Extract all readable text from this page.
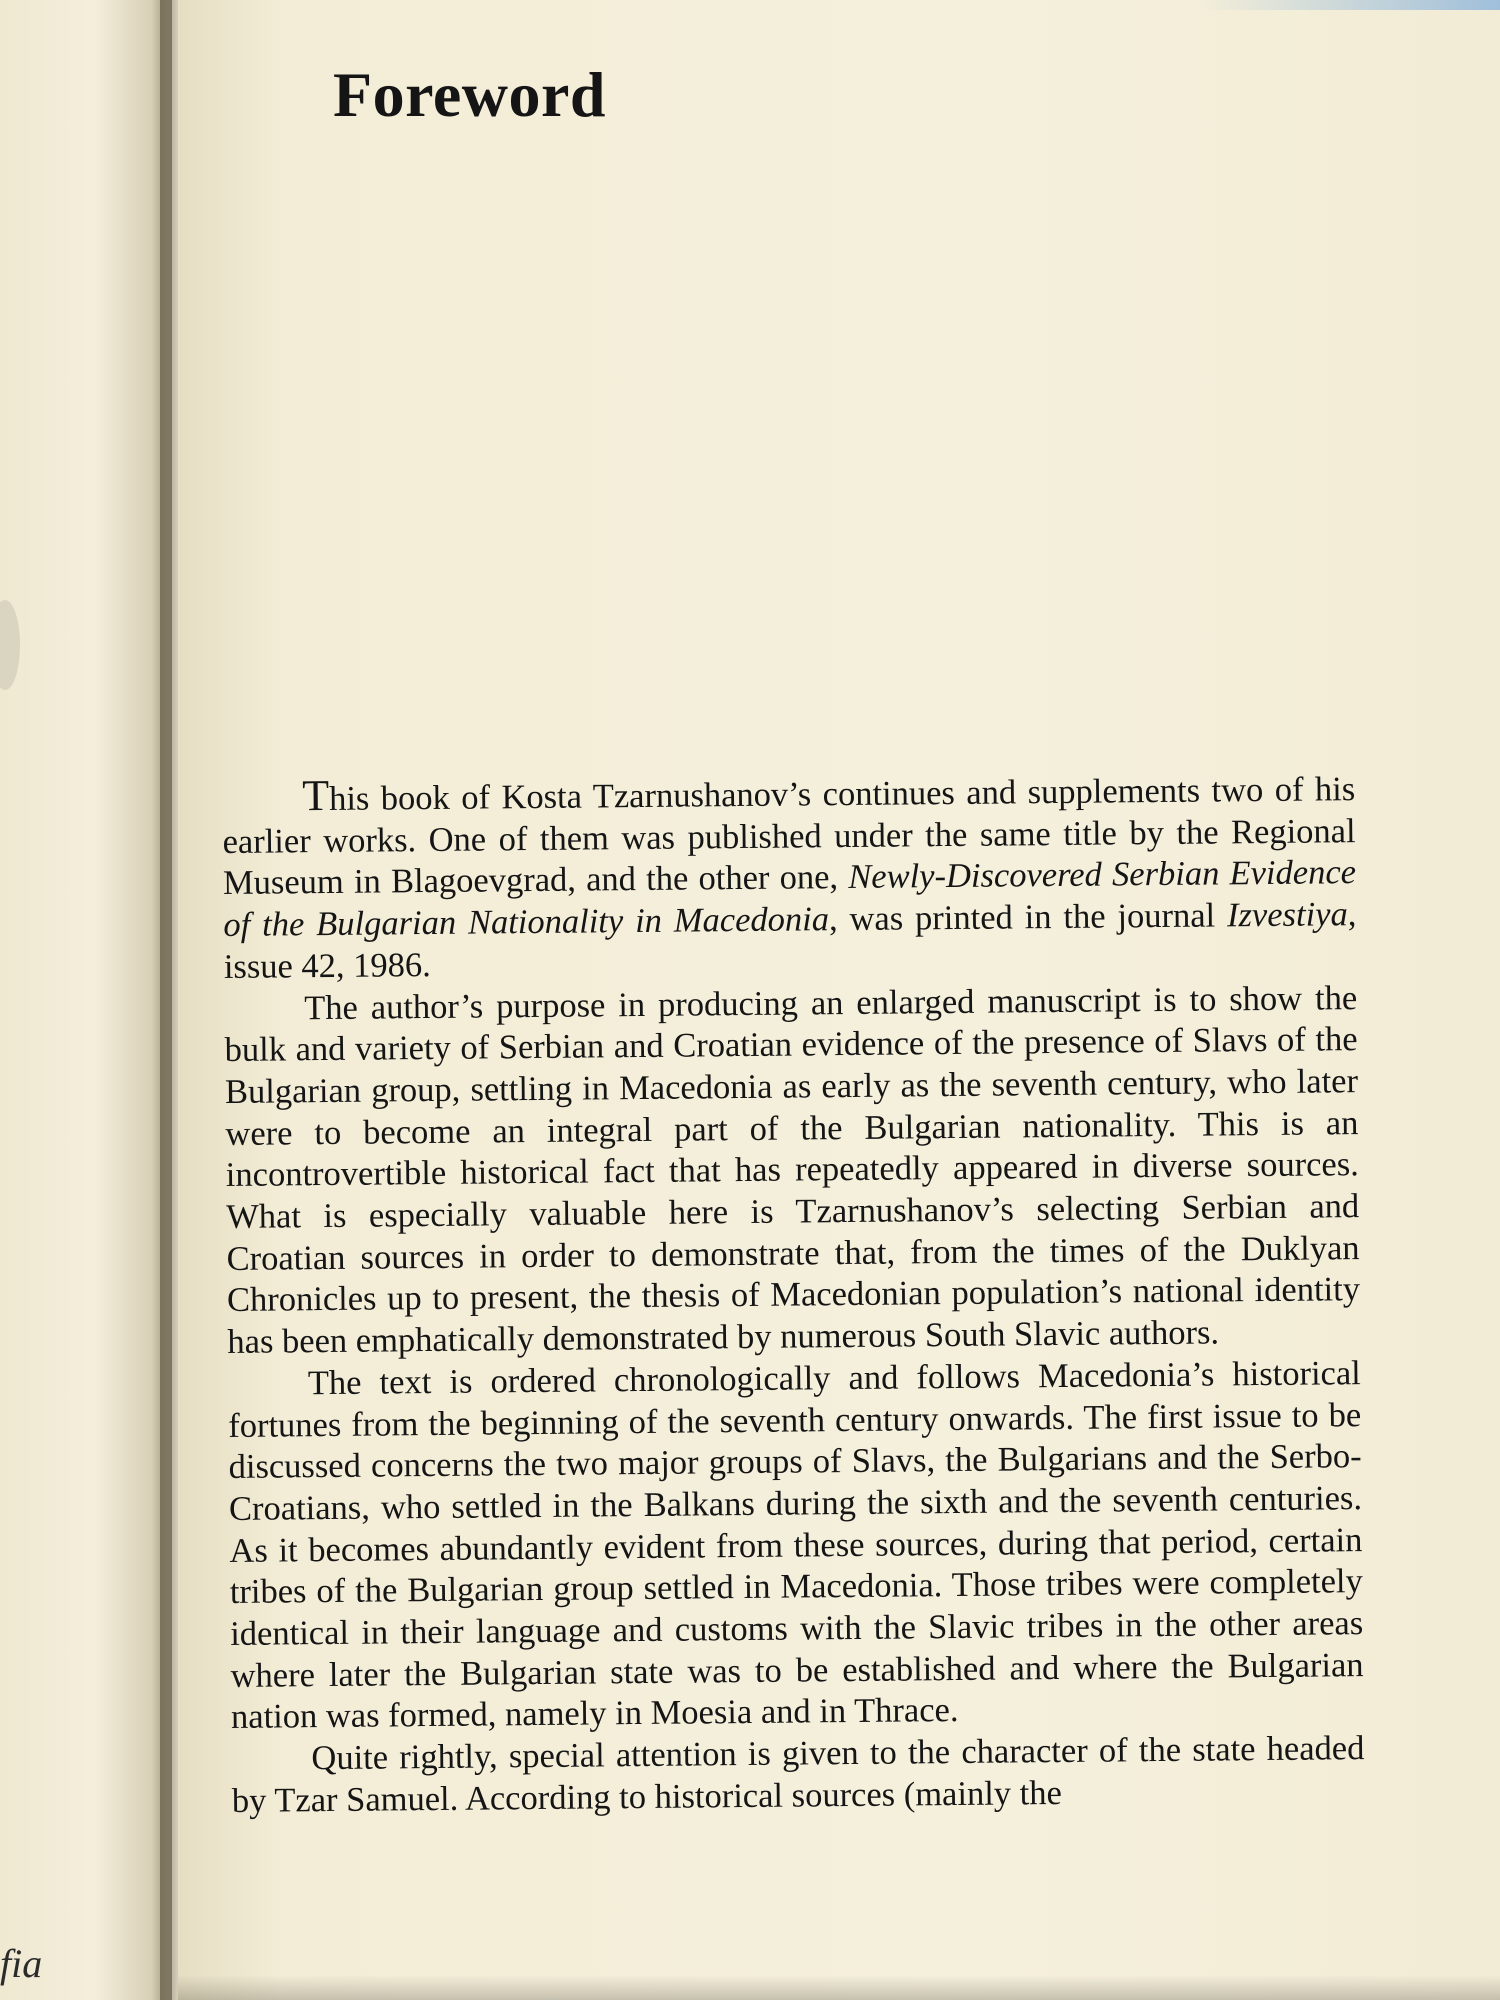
fia
Foreword

This book of Kosta Tzarnushanov’s continues and supplements two of his earlier works. One of them was published under the same title by the Regional Museum in Blagoevgrad, and the other one, Newly-Discovered Serbian Evidence of the Bulgarian Nationality in Macedonia, was printed in the journal Izvestiya, issue 42, 1986.

The author’s purpose in producing an enlarged manuscript is to show the bulk and variety of Serbian and Croatian evidence of the presence of Slavs of the Bulgarian group, settling in Macedonia as early as the seventh century, who later were to become an integral part of the Bulgarian nationality. This is an incontrovertible historical fact that has repeatedly appeared in diverse sources. What is especially valuable here is Tzarnushanov’s selecting Serbian and Croatian sources in order to demonstrate that, from the times of the Duklyan Chronicles up to present, the thesis of Macedonian population’s national identity has been emphatically demonstrated by numerous South Slavic authors.

The text is ordered chronologically and follows Macedonia’s historical fortunes from the beginning of the seventh century onwards. The first issue to be discussed concerns the two major groups of Slavs, the Bulgarians and the Serbo-Croatians, who settled in the Balkans during the sixth and the seventh centuries. As it becomes abundantly evident from these sources, during that period, certain tribes of the Bulgarian group settled in Macedonia. Those tribes were completely identical in their language and customs with the Slavic tribes in the other areas where later the Bulgarian state was to be established and where the Bulgarian nation was formed, namely in Moesia and in Thrace.

Quite rightly, special attention is given to the character of the state headed by Tzar Samuel. According to historical sources (mainly the
